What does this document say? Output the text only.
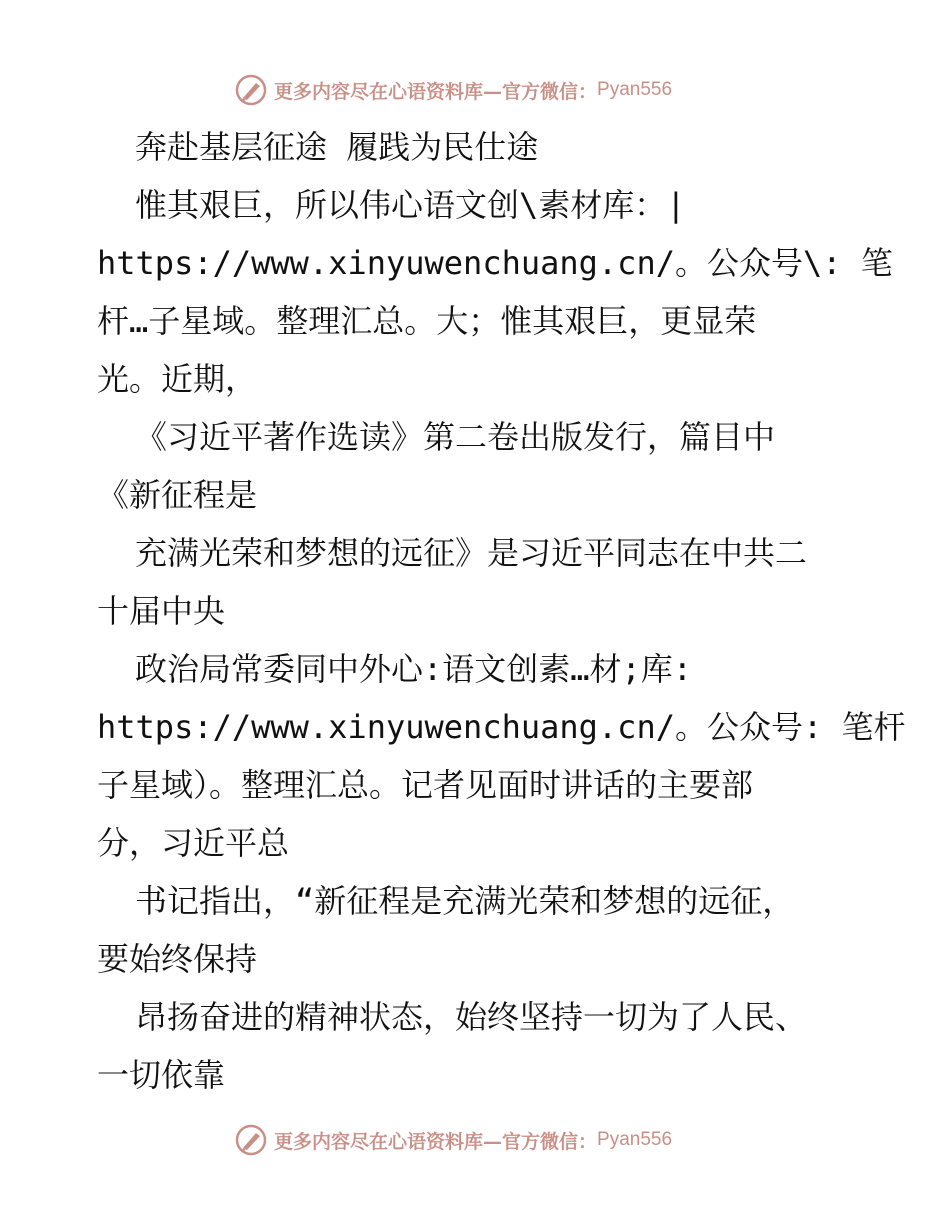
更多内容尽在心语资料库—官方微信： Pyan556
奔赴基层征途 履践为民仕途
惟其艰巨，所以伟心语文创\素材库：|
https://www.xinyuwenchuang.cn/。公众号\: 笔
杆…子星域。整理汇总。大；惟其艰巨，更显荣
光。近期，
《习近平著作选读》第二卷出版发行，篇目中
《新征程是
充满光荣和梦想的远征》是习近平同志在中共二
十届中央
政治局常委同中外心:语文创素…材;库:
https://www.xinyuwenchuang.cn/。公众号: 笔杆
子星域）。整理汇总。记者见面时讲话的主要部
分，习近平总
书记指出，“新征程是充满光荣和梦想的远征，
要始终保持
昂扬奋进的精神状态，始终坚持一切为了人民、
一切依靠
更多内容尽在心语资料库—官方微信： Pyan556
